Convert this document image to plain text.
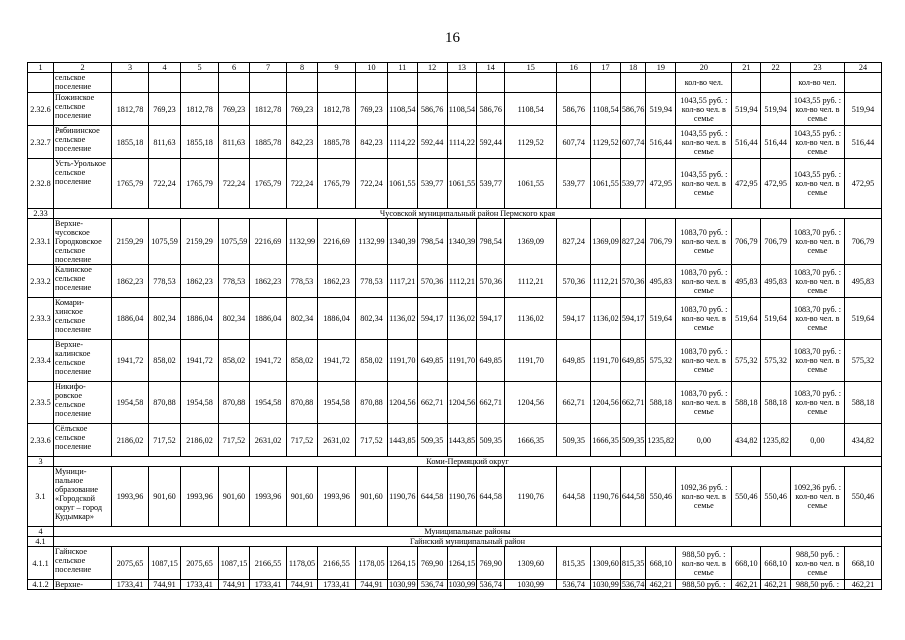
16
1	2	3	4	5	6	7	8	9	10	11	12	13	14	15	16	17	18	19	20	21	22	23	24
	сельское поселение																		кол-во чел.			кол-во чел.	
2.32.6	Пожинское сельское поселение	1812,78	769,23	1812,78	769,23	1812,78	769,23	1812,78	769,23	1108,54	586,76	1108,54	586,76	1108,54	586,76	1108,54	586,76	519,94	1043,55 руб. : кол-во чел. в семье	519,94	519,94	1043,55 руб. : кол-во чел. в семье	519,94
2.32.7	Рябининское сельское поселение	1855,18	811,63	1855,18	811,63	1885,78	842,23	1885,78	842,23	1114,22	592,44	1114,22	592,44	1129,52	607,74	1129,52	607,74	516,44	1043,55 руб. : кол-во чел. в семье	516,44	516,44	1043,55 руб. : кол-во чел. в семье	516,44
2.32.8	Усть-Уролькое сельское поселение	1765,79	722,24	1765,79	722,24	1765,79	722,24	1765,79	722,24	1061,55	539,77	1061,55	539,77	1061,55	539,77	1061,55	539,77	472,95	1043,55 руб. : кол-во чел. в семье	472,95	472,95	1043,55 руб. : кол-во чел. в семье	472,95
2.33	Чусовской муниципальный район Пермского края																						
2.33.1	Верхне-чусовское Городковское сельское поселение	2159,29	1075,59	2159,29	1075,59	2216,69	1132,99	2216,69	1132,99	1340,39	798,54	1340,39	798,54	1369,09	827,24	1369,09	827,24	706,79	1083,70 руб. : кол-во чел. в семье	706,79	706,79	1083,70 руб. : кол-во чел. в семье	706,79
2.33.2	Калинское сельское поселение	1862,23	778,53	1862,23	778,53	1862,23	778,53	1862,23	778,53	1117,21	570,36	1112,21	570,36	1112,21	570,36	1112,21	570,36	495,83	1083,70 руб. : кол-во чел. в семье	495,83	495,83	1083,70 руб. : кол-во чел. в семье	495,83
2.33.3	Комари-хинское сельское поселение	1886,04	802,34	1886,04	802,34	1886,04	802,34	1886,04	802,34	1136,02	594,17	1136,02	594,17	1136,02	594,17	1136,02	594,17	519,64	1083,70 руб. : кол-во чел. в семье	519,64	519,64	1083,70 руб. : кол-во чел. в семье	519,64
2.33.4	Верхне-калинское сельское поселение	1941,72	858,02	1941,72	858,02	1941,72	858,02	1941,72	858,02	1191,70	649,85	1191,70	649,85	1191,70	649,85	1191,70	649,85	575,32	1083,70 руб. : кол-во чел. в семье	575,32	575,32	1083,70 руб. : кол-во чел. в семье	575,32
2.33.5	Никифо-ровское сельское поселение	1954,58	870,88	1954,58	870,88	1954,58	870,88	1954,58	870,88	1204,56	662,71	1204,56	662,71	1204,56	662,71	1204,56	662,71	588,18	1083,70 руб. : кол-во чел. в семье	588,18	588,18	1083,70 руб. : кол-во чел. в семье	588,18
2.33.6	Сёлъское сельское поселение	2186,02	717,52	2186,02	717,52	2631,02	717,52	2631,02	717,52	1443,85	509,35	1443,85	509,35	1666,35	509,35	1666,35	509,35	1235,82	0,00	434,82	1235,82	0,00	434,82
3	Коми-Пермяцкий округ																						
3.1	Муници-пальное образование «Городской округ – город Кудымкар»	1993,96	901,60	1993,96	901,60	1993,96	901,60	1993,96	901,60	1190,76	644,58	1190,76	644,58	1190,76	644,58	1190,76	644,58	550,46	1092,36 руб. : кол-во чел. в семье	550,46	550,46	1092,36 руб. : кол-во чел. в семье	550,46
4	Муниципальные районы																						
4.1	Гайнский муниципальный район																						
4.1.1	Гайнское сельское поселение	2075,65	1087,15	2075,65	1087,15	2166,55	1178,05	2166,55	1178,05	1264,15	769,90	1264,15	769,90	1309,60	815,35	1309,60	815,35	668,10	988,50 руб. : кол-во чел. в семье	668,10	668,10	988,50 руб. : кол-во чел. в семье	668,10
4.1.2	Верхне-	1733,41	744,91	1733,41	744,91	1733,41	744,91	1733,41	744,91	1030,99	536,74	1030,99	536,74	1030,99	536,74	1030,99	536,74	462,21	988,50 руб. :	462,21	462,21	988,50 руб. :	462,21
